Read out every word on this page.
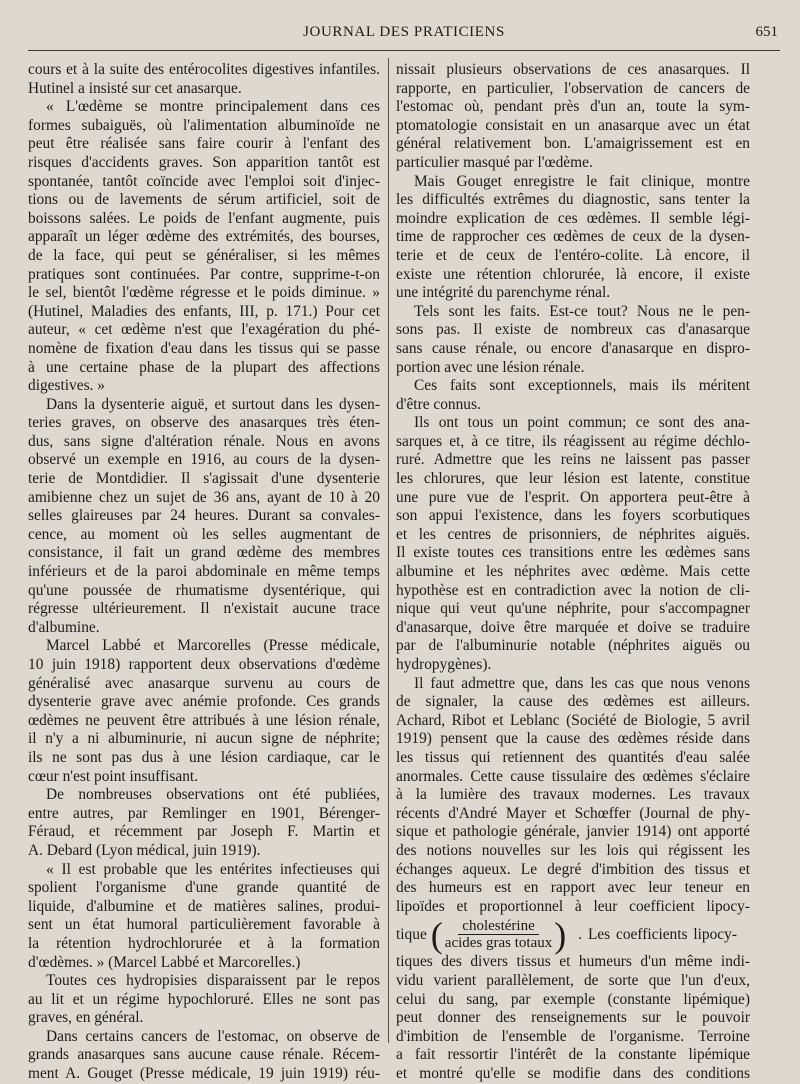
JOURNAL DES PRATICIENS	651
cours et à la suite des entérocolites digestives infantiles.
Hutinel a insisté sur cet anasarque.
« L'œdème se montre principalement dans ces
formes subaiguës, où l'alimentation albuminoïde ne
peut être réalisée sans faire courir à l'enfant des
risques d'accidents graves. Son apparition tantôt est
spontanée, tantôt coïncide avec l'emploi soit d'injec-
tions ou de lavements de sérum artificiel, soit de
boissons salées. Le poids de l'enfant augmente, puis
apparaît un léger œdème des extrémités, des bourses,
de la face, qui peut se généraliser, si les mêmes
pratiques sont continuées. Par contre, supprime-t-on
le sel, bientôt l'œdème régresse et le poids diminue. »
(Hutinel, Maladies des enfants, III, p. 171.) Pour cet
auteur, « cet œdème n'est que l'exagération du phé-
nomène de fixation d'eau dans les tissus qui se passe
à une certaine phase de la plupart des affections
digestives. »
Dans la dysenterie aiguë, et surtout dans les dysen-
teries graves, on observe des anasarques très éten-
dus, sans signe d'altération rénale. Nous en avons
observé un exemple en 1916, au cours de la dysen-
terie de Montdidier. Il s'agissait d'une dysenterie
amibienne chez un sujet de 36 ans, ayant de 10 à 20
selles glaireuses par 24 heures. Durant sa convales-
cence, au moment où les selles augmentant de
consistance, il fait un grand œdème des membres
inférieurs et de la paroi abdominale en même temps
qu'une poussée de rhumatisme dysentérique, qui
régresse ultérieurement. Il n'existait aucune trace
d'albumine.
Marcel Labbé et Marcorelles (Presse médicale,
10 juin 1918) rapportent deux observations d'œdème
généralisé avec anasarque survenu au cours de
dysenterie grave avec anémie profonde. Ces grands
œdèmes ne peuvent être attribués à une lésion rénale,
il n'y a ni albuminurie, ni aucun signe de néphrite;
ils ne sont pas dus à une lésion cardiaque, car le
cœur n'est point insuffisant.
De nombreuses observations ont été publiées,
entre autres, par Remlinger en 1901, Bérenger-
Féraud, et récemment par Joseph F. Martin et
A. Debard (Lyon médical, juin 1919).
« Il est probable que les entérites infectieuses qui
spolient l'organisme d'une grande quantité de
liquide, d'albumine et de matières salines, produi-
sent un état humoral particulièrement favorable à
la rétention hydrochlorurée et à la formation
d'œdèmes. » (Marcel Labbé et Marcorelles.)
Toutes ces hydropisies disparaissent par le repos
au lit et un régime hypochloruré. Elles ne sont pas
graves, en général.
Dans certains cancers de l'estomac, on observe de
grands anasarques sans aucune cause rénale. Récem-
ment A. Gouget (Presse médicale, 19 juin 1919) réu-
nissait plusieurs observations de ces anasarques. Il
rapporte, en particulier, l'observation de cancers de
l'estomac où, pendant près d'un an, toute la sym-
ptomatologie consistait en un anasarque avec un état
général relativement bon. L'amaigrissement est en
particulier masqué par l'œdème.
Mais Gouget enregistre le fait clinique, montre
les difficultés extrêmes du diagnostic, sans tenter la
moindre explication de ces œdèmes. Il semble légi-
time de rapprocher ces œdèmes de ceux de la dysen-
terie et de ceux de l'entéro-colite. Là encore, il
existe une rétention chlorurée, là encore, il existe
une intégrité du parenchyme rénal.
Tels sont les faits. Est-ce tout? Nous ne le pen-
sons pas. Il existe de nombreux cas d'anasarque
sans cause rénale, ou encore d'anasarque en dispro-
portion avec une lésion rénale.
Ces faits sont exceptionnels, mais ils méritent
d'être connus.
Ils ont tous un point commun; ce sont des ana-
sarques et, à ce titre, ils réagissent au régime déchlo-
ruré. Admettre que les reins ne laissent pas passer
les chlorures, que leur lésion est latente, constitue
une pure vue de l'esprit. On apportera peut-être à
son appui l'existence, dans les foyers scorbutiques
et les centres de prisonniers, de néphrites aiguës.
Il existe toutes ces transitions entre les œdèmes sans
albumine et les néphrites avec œdème. Mais cette
hypothèse est en contradiction avec la notion de cli-
nique qui veut qu'une néphrite, pour s'accompagner
d'anasarque, doive être marquée et doive se traduire
par de l'albuminurie notable (néphrites aiguës ou
hydropygènes).
Il faut admettre que, dans les cas que nous venons
de signaler, la cause des œdèmes est ailleurs.
Achard, Ribot et Leblanc (Société de Biologie, 5 avril
1919) pensent que la cause des œdèmes réside dans
les tissus qui retiennent des quantités d'eau salée
anormales. Cette cause tissulaire des œdèmes s'éclaire
à la lumière des travaux modernes. Les travaux
récents d'André Mayer et Schœffer (Journal de phy-
sique et pathologie générale, janvier 1914) ont apporté
des notions nouvelles sur les lois qui régissent les
échanges aqueux. Le degré d'imbition des tissus et
des humeurs est en rapport avec leur teneur en
lipoïdes et proportionnel à leur coefficient lipocy-
tique ( $\frac{\text{cholestérine}}{\text{acides gras totaux}}$ ) . Les coefficients lipocy-
tiques des divers tissus et humeurs d'un même indi-
vidu varient parallèlement, de sorte que l'un d'eux,
celui du sang, par exemple (constante lipémique)
peut donner des renseignements sur le pouvoir
d'imbition de l'ensemble de l'organisme. Terroine
a fait ressortir l'intérêt de la constante lipémique
et montré qu'elle se modifie dans des conditions
